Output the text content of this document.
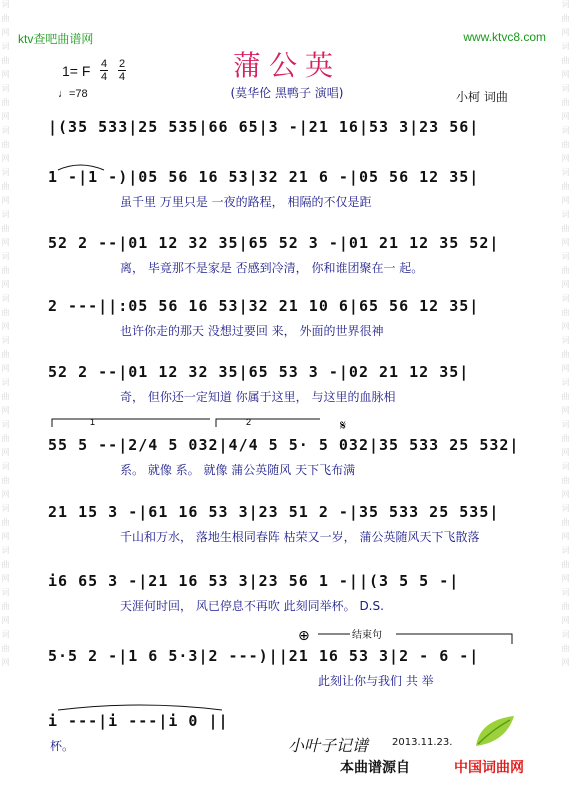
词曲网词曲网词曲网词曲网词曲网词曲网词曲网词曲网词曲网词曲网词曲网词曲网词曲网词曲网词曲网词曲网	词曲网词曲网词曲网词曲网词曲网词曲网词曲网词曲网词曲网词曲网词曲网词曲网词曲网词曲网词曲网词曲网
ktv查吧曲谱网	www.ktvc8.com
蒲公英
(莫华伦 黑鸭子 演唱)
1= F 4
4
2
4
♩=78	小柯 词曲
|(35 533|25 535|66 65|3 -|21 16|53 3|23 56|
1 -|1 -)|05 56 16 53|32 21 6 -|05 56 12 35|
虽千里 万里只是 一夜的路程， 相隔的不仅是距
52 2 --|01 12 32 35|65 52 3 -|01 21 12 35 52|
离， 毕竟那不是家是 否感到冷清， 你和谁团聚在一 起。
2 ---||:05 56 16 53|32 21 10 6|65 56 12 35|
也许你走的那天 没想过要回 来， 外面的世界很神
52 2 --|01 12 32 35|65 53 3 -|02 21 12 35|
奇， 但你还一定知道 你属于这里， 与这里的血脉相
55 5 --|2/4 5 032|4/4 5 5· 5 032|35 533 25 532|
系。 就像 系。 就像 蒲公英随风 天下飞布满
21 15 3 -|61 16 53 3|23 51 2 -|35 533 25 535|
千山和万水， 落地生根同春阵 枯荣又一岁， 蒲公英随风天下飞散落
i6 65 3 -|21 16 53 3|23 56 1 -||(3 5 5 -|
天涯何时回， 风已停息不再吹 此刻同举杯。 D.S.
5·5 2 -|1 6 5·3|2 ---)||21 16 53 3|2 - 6 -|
此刻让你与我们 共 举
i ---|i ---|i 0 ||
杯。
1	2	𝄋
⊕	结束句
小叶子记谱 2013.11.23.
本曲谱源自	中国词曲网
